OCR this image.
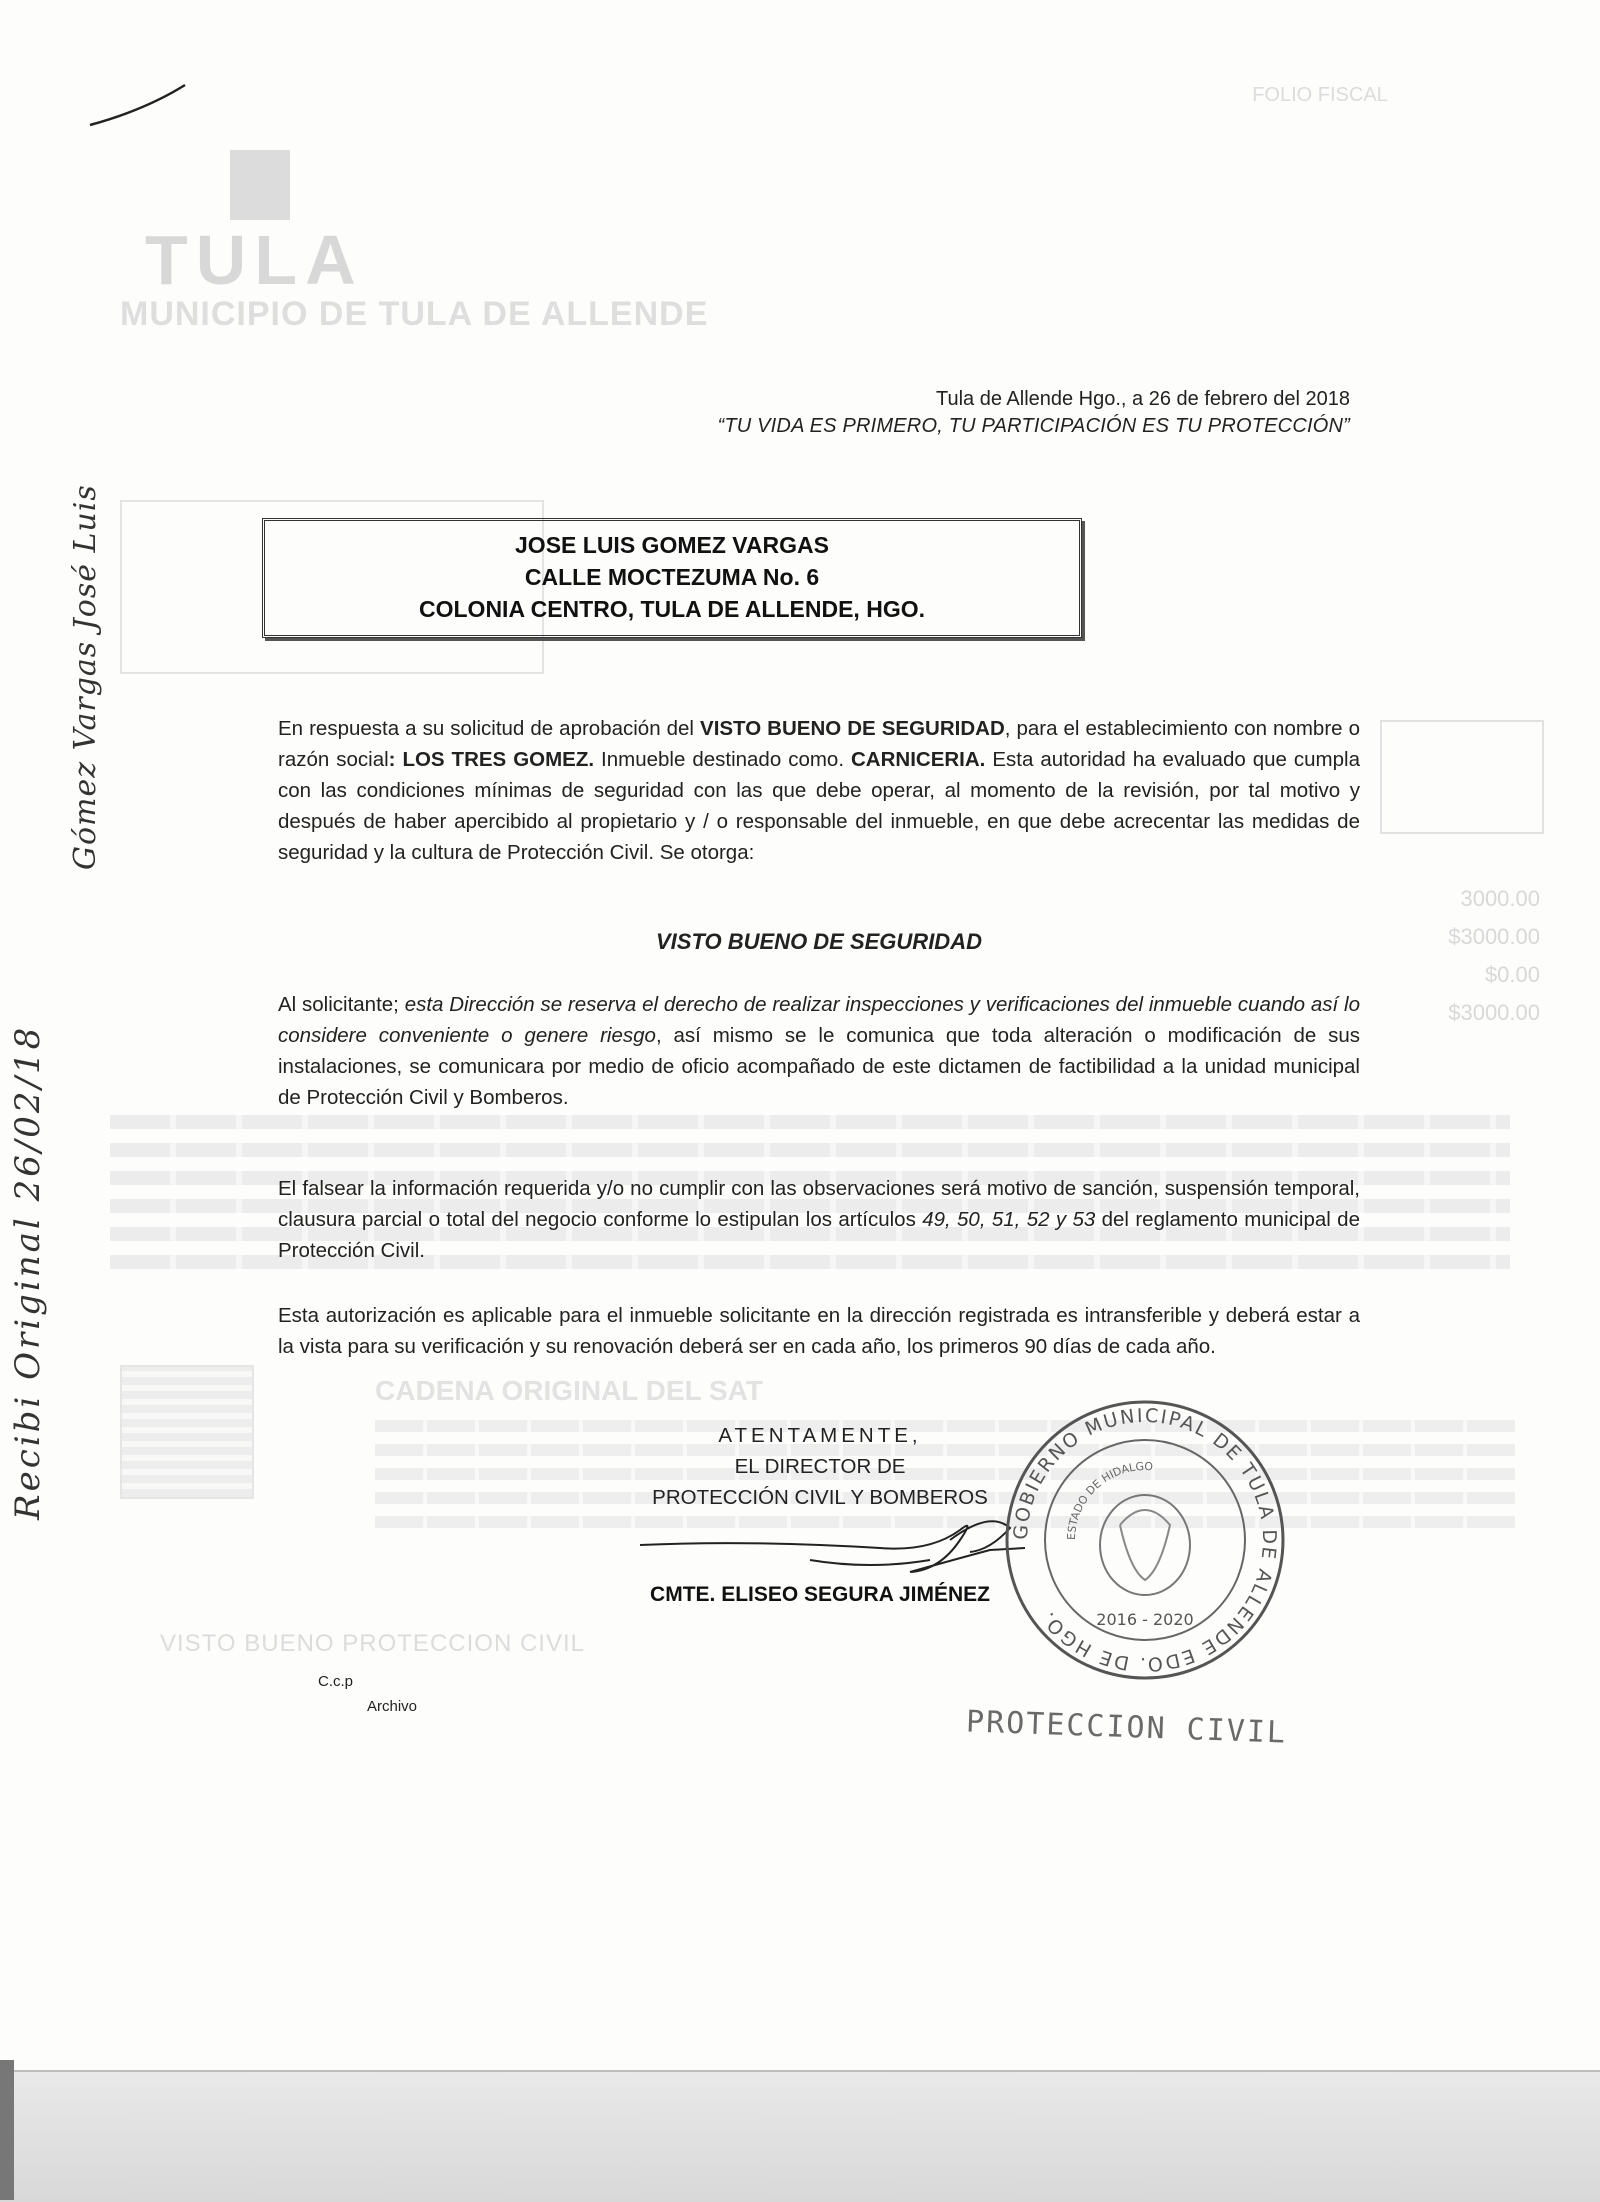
TULA
MUNICIPIO DE TULA DE ALLENDE
FOLIO FISCAL
3000.00
$3000.00
$0.00
$3000.00
CADENA ORIGINAL DEL SAT
VISTO BUENO PROTECCION CIVIL
Recibi Original 26/02/18
Gómez Vargas José Luis
Tula de Allende Hgo., a 26 de febrero del 2018
“TU VIDA ES PRIMERO, TU PARTICIPACIÓN ES TU PROTECCIÓN”
JOSE LUIS GOMEZ VARGAS
CALLE MOCTEZUMA No. 6
COLONIA CENTRO, TULA DE ALLENDE, HGO.
En respuesta a su solicitud de aprobación del VISTO BUENO DE SEGURIDAD, para el establecimiento con nombre o razón social: LOS TRES GOMEZ. Inmueble destinado como. CARNICERIA. Esta autoridad ha evaluado que cumpla con las condiciones mínimas de seguridad con las que debe operar, al momento de la revisión, por tal motivo y después de haber apercibido al propietario y / o responsable del inmueble, en que debe acrecentar las medidas de seguridad y la cultura de Protección Civil. Se otorga:
VISTO BUENO DE SEGURIDAD
Al solicitante; esta Dirección se reserva el derecho de realizar inspecciones y verificaciones del inmueble cuando así lo considere conveniente o genere riesgo, así mismo se le comunica que toda alteración o modificación de sus instalaciones, se comunicara por medio de oficio acompañado de este dictamen de factibilidad a la unidad municipal de Protección Civil y Bomberos.
El falsear la información requerida y/o no cumplir con las observaciones será motivo de sanción, suspensión temporal, clausura parcial o total del negocio conforme lo estipulan los artículos 49, 50, 51, 52 y 53 del reglamento municipal de Protección Civil.
Esta autorización es aplicable para el inmueble solicitante en la dirección registrada es intransferible y deberá estar a la vista para su verificación y su renovación deberá ser en cada año, los primeros 90 días de cada año.
ATENTAMENTE,
EL DIRECTOR DE
PROTECCIÓN CIVIL Y BOMBEROS
CMTE. ELISEO SEGURA JIMÉNEZ
C.c.p
Archivo
GOBIERNO MUNICIPAL DE TULA DE ALLENDE EDO. DE HGO.
ESTADO DE HIDALGO
2016 - 2020
PROTECCION CIVIL
